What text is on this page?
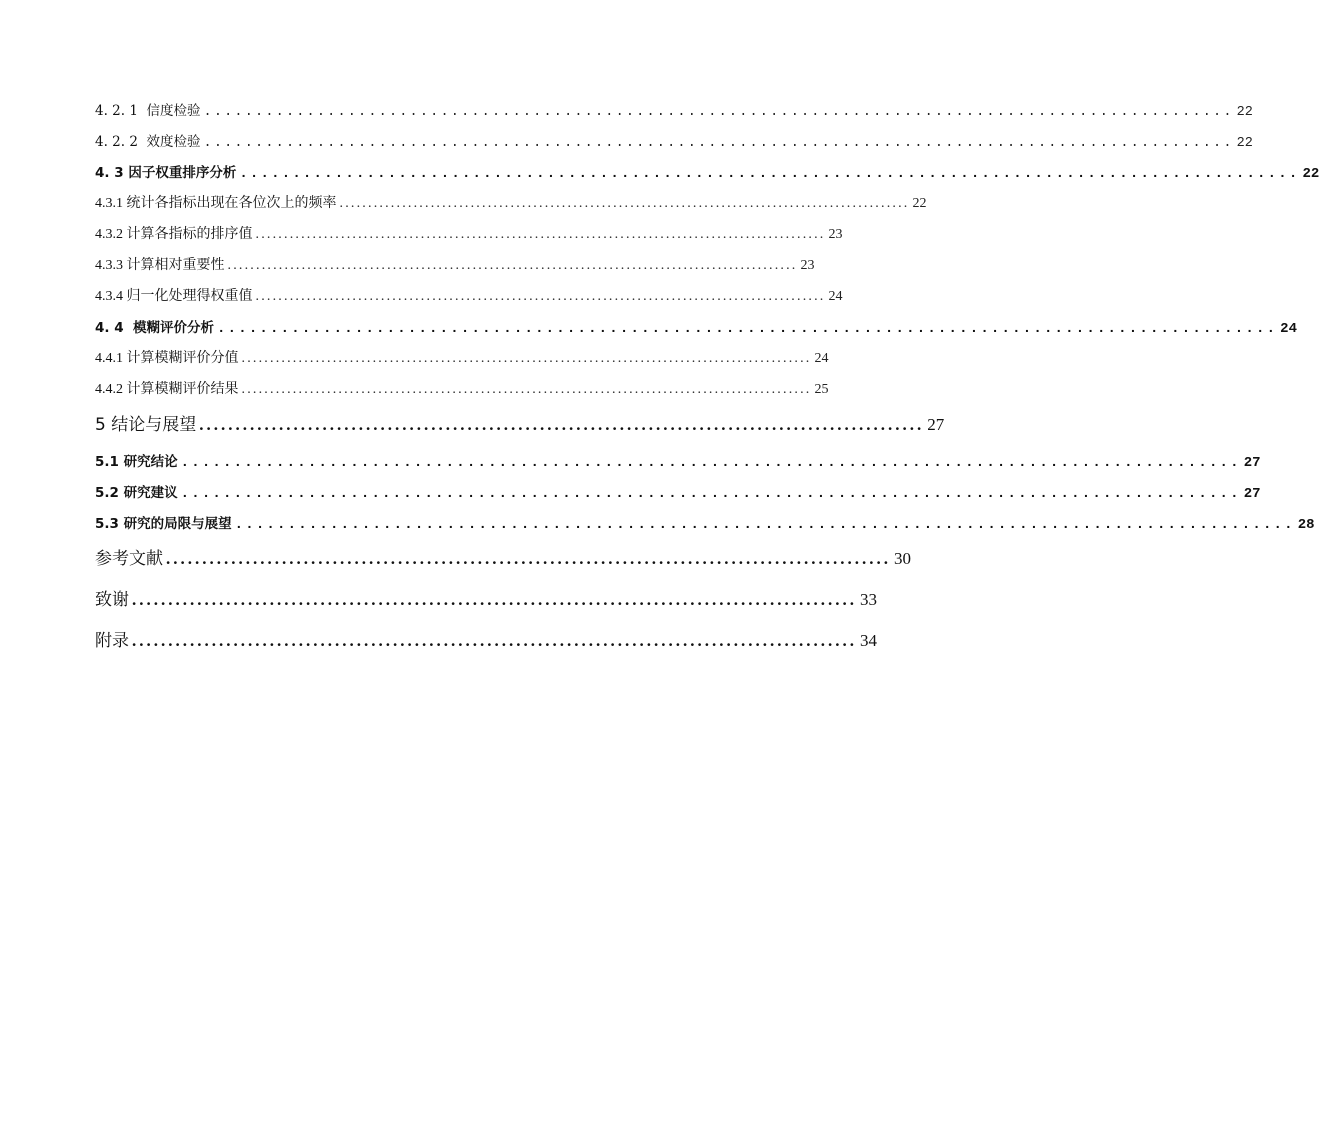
4. 2. 1
信度检验 .................................................................................................... 22
4. 2. 2
效度检验 .................................................................................................... 22
4. 3
因子权重排序分析 .................................................................................................... 22
4.3.1
统计各指标出现在各位次上的频率 .................................................................................................... 22
4.3.2
计算各指标的排序值 .................................................................................................... 23
4.3.3
计算相对重要性 .................................................................................................... 23
4.3.4
归一化处理得权重值 .................................................................................................... 24
4. 4
模糊评价分析 .................................................................................................... 24
4.4.1
计算模糊评价分值 .................................................................................................... 24
4.4.2
计算模糊评价结果 .................................................................................................... 25
5
结论与展望 .................................................................................................... 27
5.1
研究结论 .................................................................................................... 27
5.2
研究建议 .................................................................................................... 27
5.3
研究的局限与展望 .................................................................................................... 28
参考文献 .................................................................................................... 30
致谢 .................................................................................................... 33
附录 .................................................................................................... 34
